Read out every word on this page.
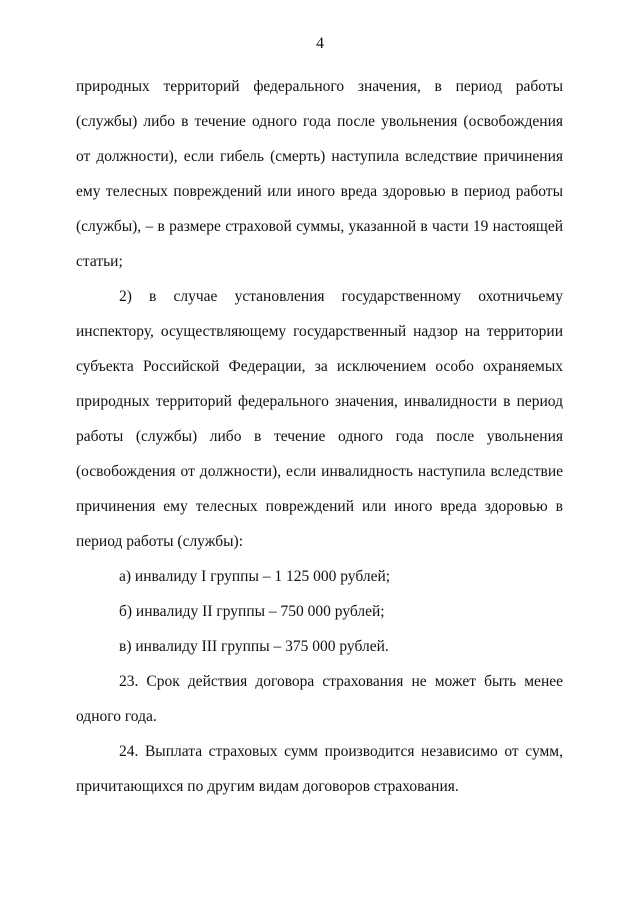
4

природных территорий федерального значения, в период работы (службы) либо в течение одного года после увольнения (освобождения от должности), если гибель (смерть) наступила вследствие причинения ему телесных повреждений или иного вреда здоровью в период работы (службы), – в размере страховой суммы, указанной в части 19 настоящей статьи;

2) в случае установления государственному охотничьему инспектору, осуществляющему государственный надзор на территории субъекта Российской Федерации, за исключением особо охраняемых природных территорий федерального значения, инвалидности в период работы (службы) либо в течение одного года после увольнения (освобождения от должности), если инвалидность наступила вследствие причинения ему телесных повреждений или иного вреда здоровью в период работы (службы):

а) инвалиду I группы – 1 125 000 рублей;

б) инвалиду II группы – 750 000 рублей;

в) инвалиду III группы – 375 000 рублей.

23. Срок действия договора страхования не может быть менее одного года.

24. Выплата страховых сумм производится независимо от сумм, причитающихся по другим видам договоров страхования.
